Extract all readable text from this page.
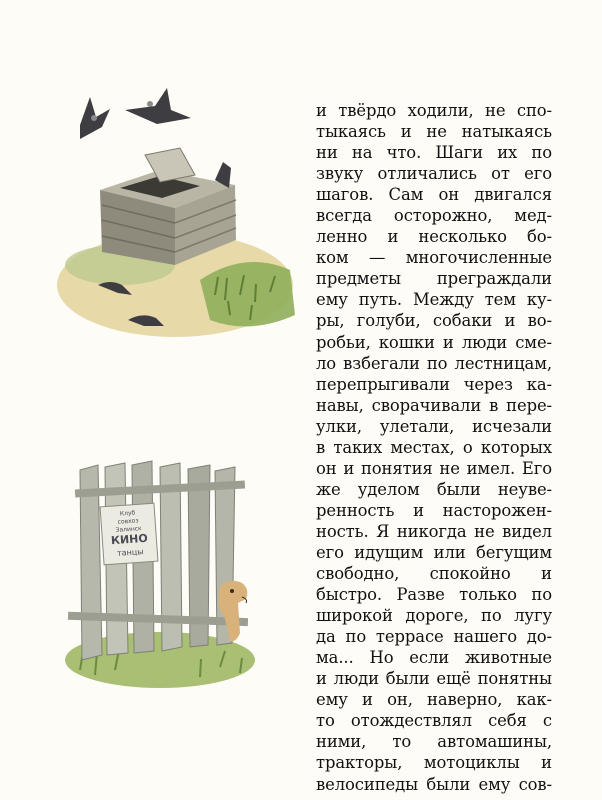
Клуб
совхоз
Залинск
КИНО
танцы
и твёрдо ходили, не спо-
тыкаясь и не натыкаясь
ни на что. Шаги их по
звуку отличались от его
шагов. Сам он двигался
всегда осторожно, мед-
ленно и несколько бо-
ком — многочисленные
предметы преграждали
ему путь. Между тем ку-
ры, голуби, собаки и во-
робьи, кошки и люди сме-
ло взбегали по лестницам,
перепрыгивали через ка-
навы, сворачивали в пере-
улки, улетали, исчезали
в таких местах, о которых
он и понятия не имел. Его
же уделом были неуве-
ренность и насторожен-
ность. Я никогда не видел
его идущим или бегущим
свободно, спокойно и
быстро. Разве только по
широкой дороге, по лугу
да по террасе нашего до-
ма... Но если животные
и люди были ещё понятны
ему и он, наверно, как-
то отождествлял себя с
ними, то автомашины,
тракторы, мотоциклы и
велосипеды были ему сов-
